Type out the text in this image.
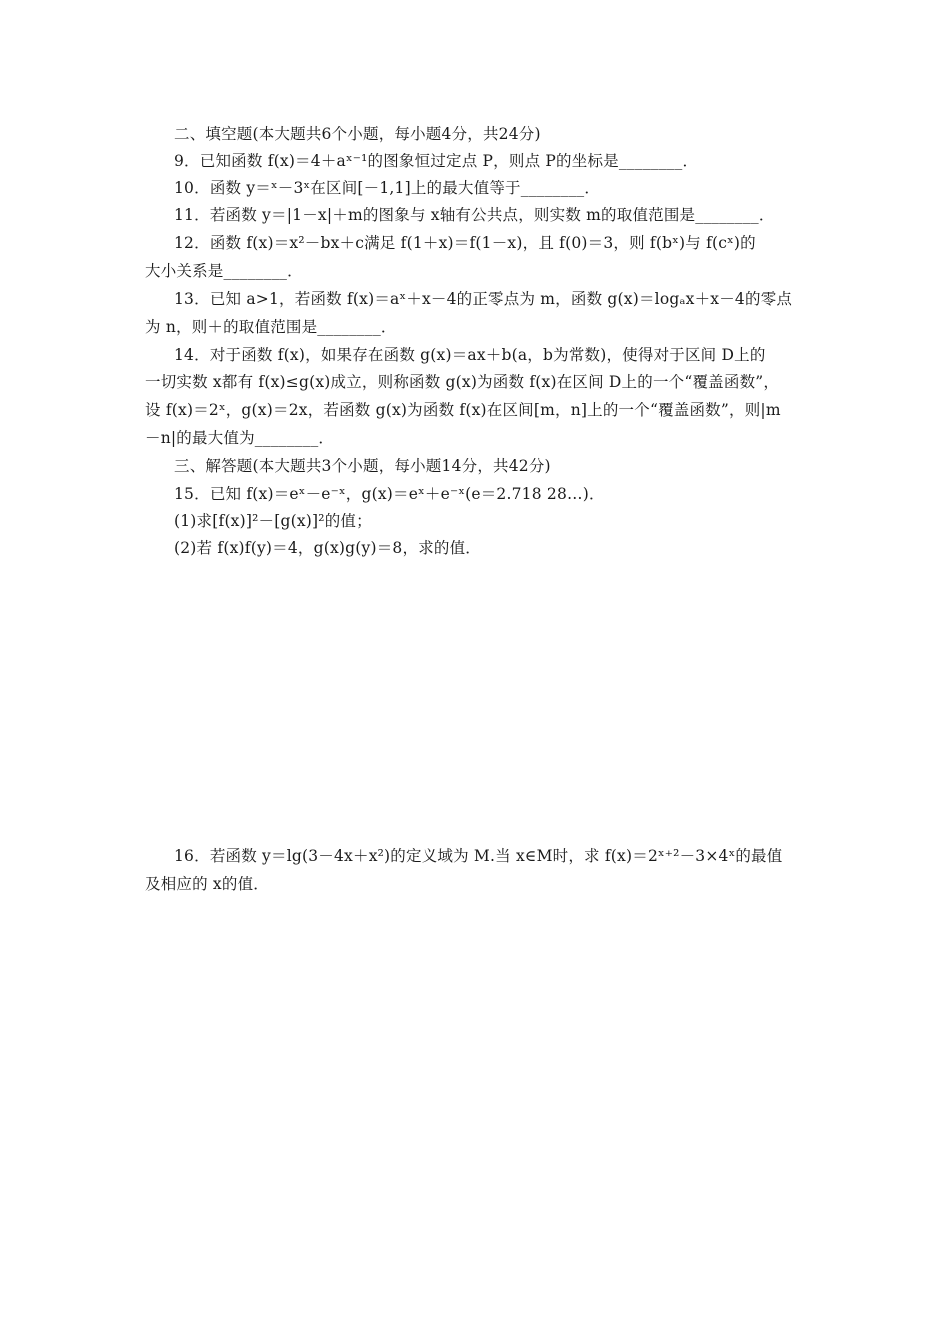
二、填空题(本大题共6个小题，每小题4分，共24分)
9．已知函数 f(x)＝4＋aˣ⁻¹的图象恒过定点 P，则点 P的坐标是________．
10．函数 y＝ˣ－3ˣ在区间[－1,1]上的最大值等于________．
11．若函数 y＝|1－x|＋m的图象与 x轴有公共点，则实数 m的取值范围是________．
12．函数 f(x)＝x²－bx＋c满足 f(1＋x)＝f(1－x)，且 f(0)＝3，则 f(bˣ)与 f(cˣ)的
大小关系是________．
13．已知 a>1，若函数 f(x)＝aˣ＋x－4的正零点为 m，函数 g(x)＝logₐx＋x－4的零点
为 n，则＋的取值范围是________．
14．对于函数 f(x)，如果存在函数 g(x)＝ax＋b(a，b为常数)，使得对于区间 D上的
一切实数 x都有 f(x)≤g(x)成立，则称函数 g(x)为函数 f(x)在区间 D上的一个“覆盖函数”，
设 f(x)＝2ˣ，g(x)＝2x，若函数 g(x)为函数 f(x)在区间[m，n]上的一个“覆盖函数”，则|m
－n|的最大值为________．
三、解答题(本大题共3个小题，每小题14分，共42分)
15．已知 f(x)＝eˣ－e⁻ˣ，g(x)＝eˣ＋e⁻ˣ(e＝2.718 28…)．
(1)求[f(x)]²－[g(x)]²的值；
(2)若 f(x)f(y)＝4，g(x)g(y)＝8，求的值．
16．若函数 y＝lg(3－4x＋x²)的定义域为 M.当 x∈M时，求 f(x)＝2ˣ⁺²－3×4ˣ的最值
及相应的 x的值．
